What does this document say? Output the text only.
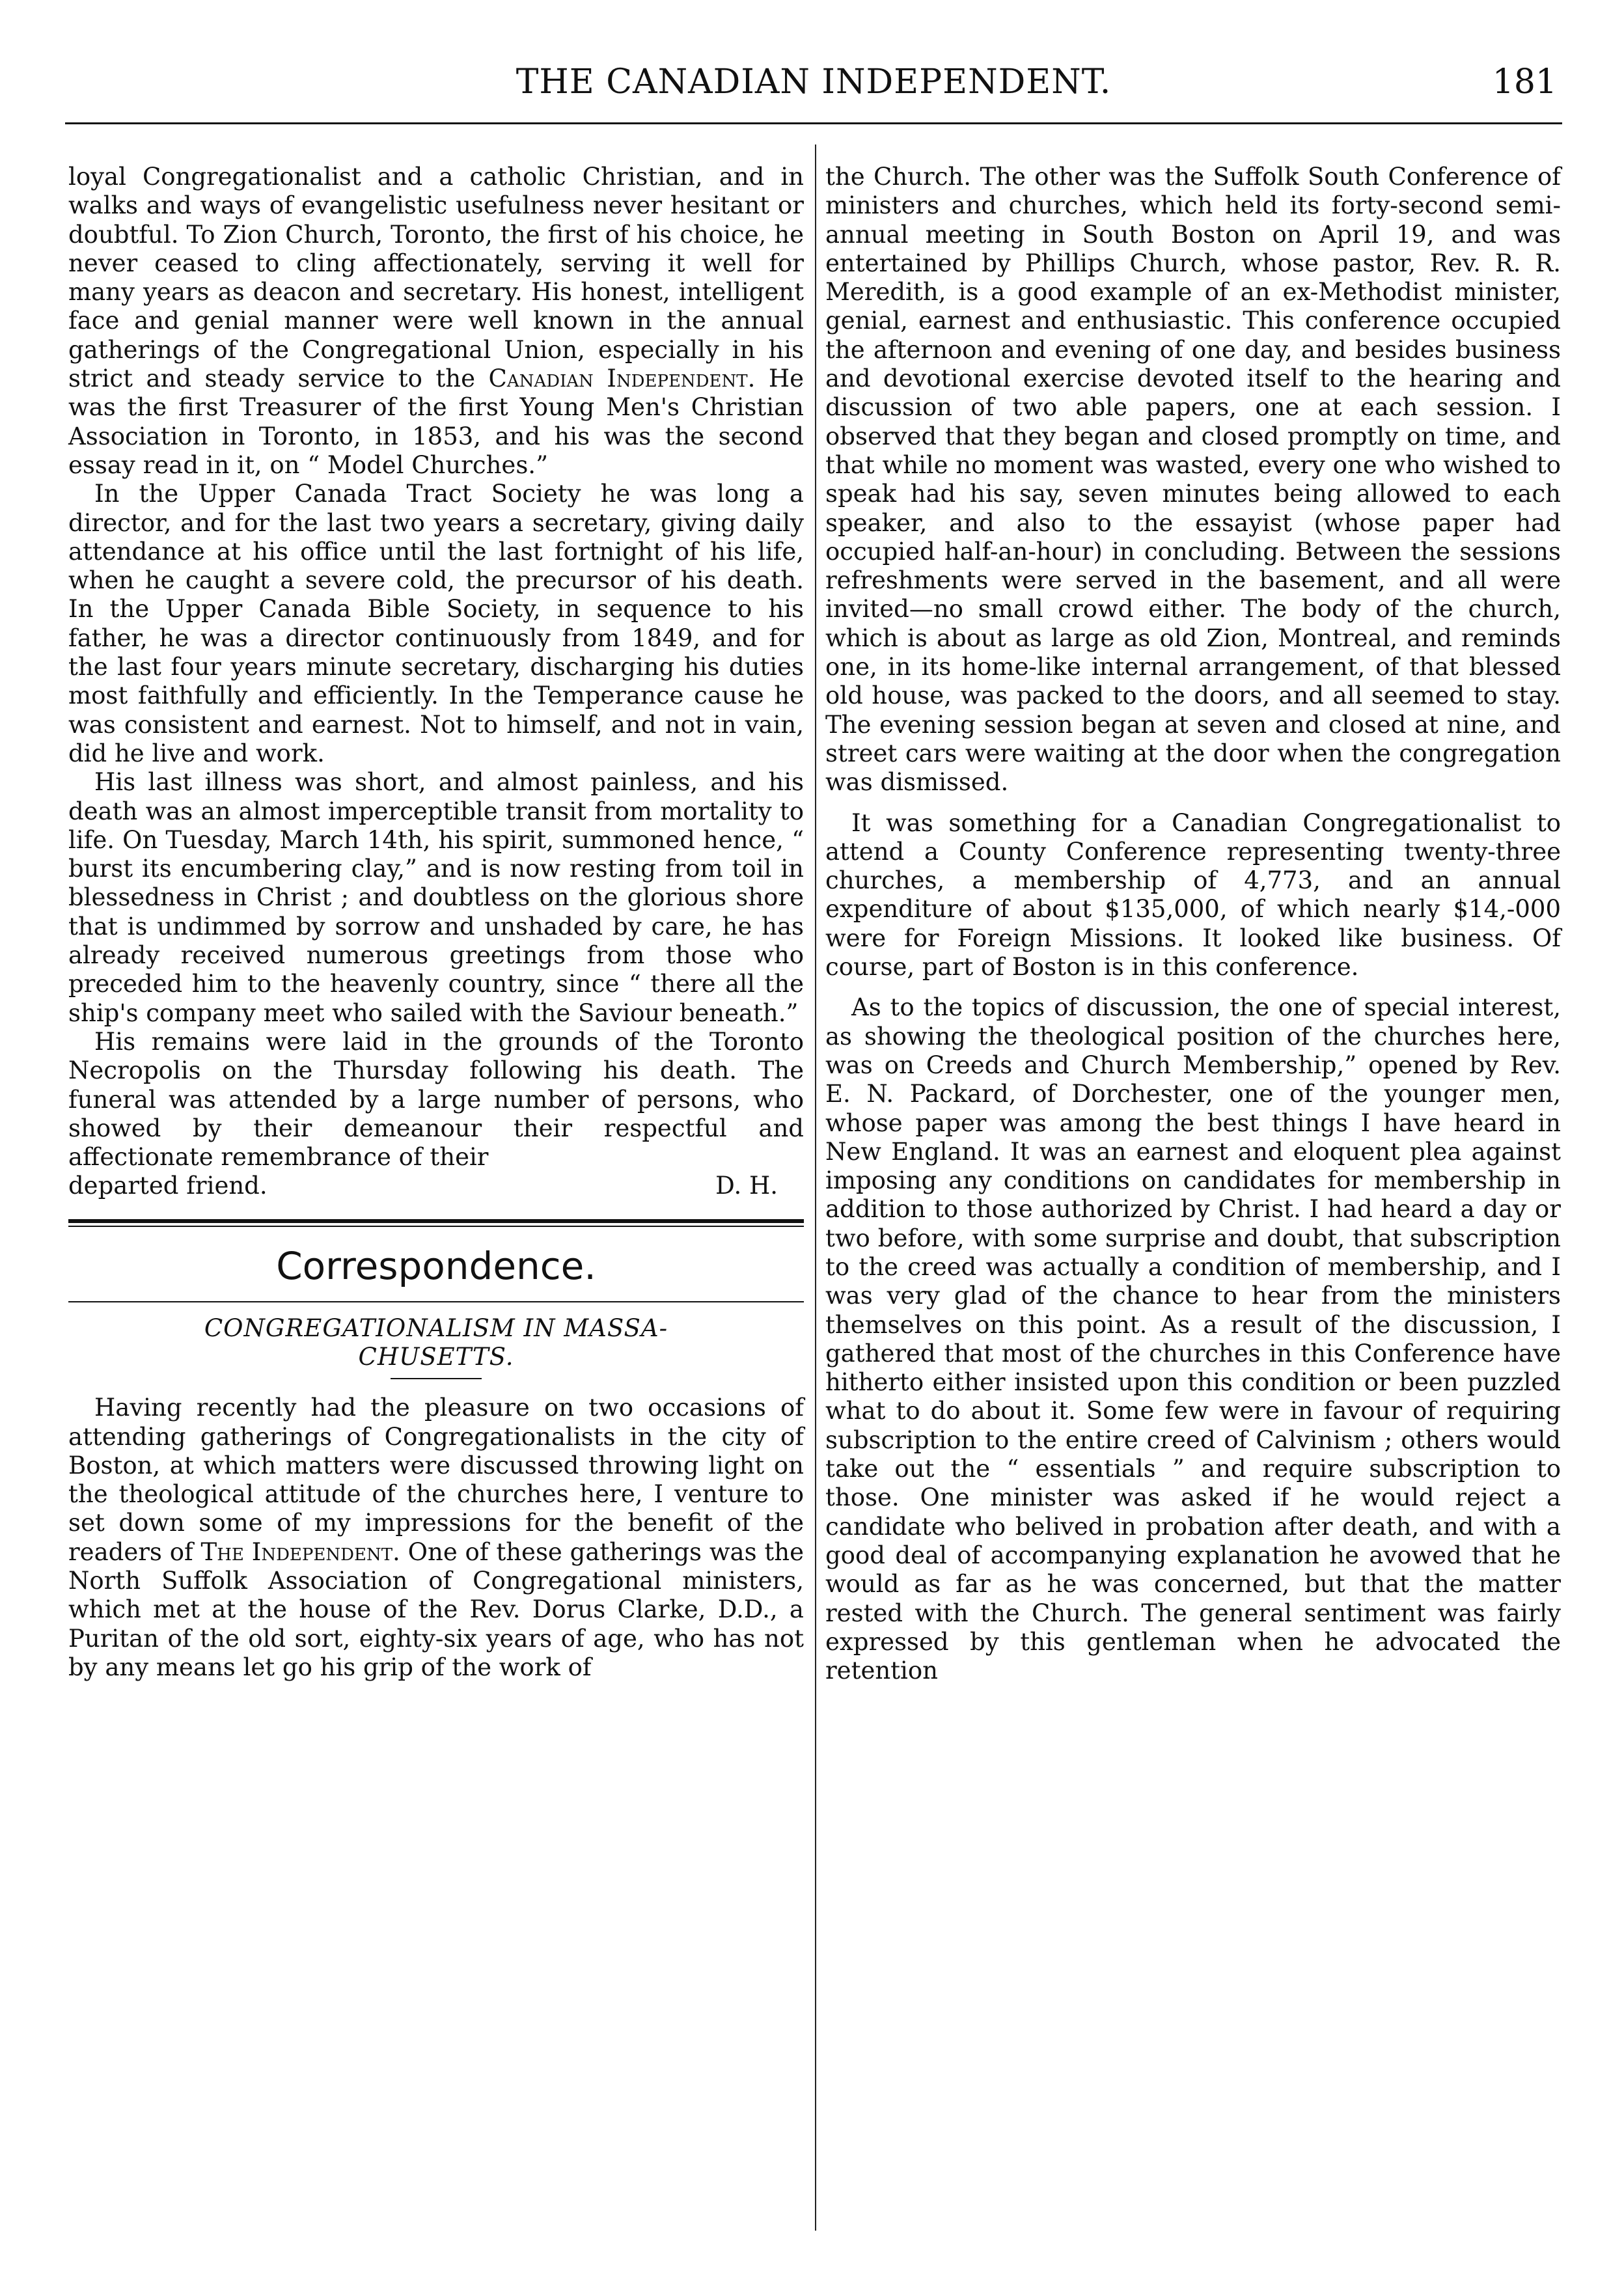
THE CANADIAN INDEPENDENT.	181

loyal Congregationalist and a catholic Christian, and in walks and ways of evangelistic usefulness never hesitant or doubtful. To Zion Church, Toronto, the first of his choice, he never ceased to cling affectionately, serving it well for many years as deacon and secretary. His honest, intelligent face and genial manner were well known in the annual gatherings of the Congregational Union, especially in his strict and steady service to the Canadian Independent. He was the first Treasurer of the first Young Men's Christian Association in Toronto, in 1853, and his was the second essay read in it, on “ Model Churches.”

In the Upper Canada Tract Society he was long a director, and for the last two years a secretary, giving daily attendance at his office until the last fortnight of his life, when he caught a severe cold, the precursor of his death. In the Upper Canada Bible Society, in sequence to his father, he was a director continuously from 1849, and for the last four years minute secretary, discharging his duties most faithfully and efficiently. In the Temperance cause he was consistent and earnest. Not to himself, and not in vain, did he live and work.

His last illness was short, and almost painless, and his death was an almost imperceptible transit from mortality to life. On Tuesday, March 14th, his spirit, summoned hence, “ burst its encumbering clay,” and is now resting from toil in blessedness in Christ ; and doubtless on the glorious shore that is undimmed by sorrow and unshaded by care, he has already received numerous greetings from those who preceded him to the heavenly country, since “ there all the ship's company meet who sailed with the Saviour beneath.”

His remains were laid in the grounds of the Toronto Necropolis on the Thursday following his death. The funeral was attended by a large number of persons, who showed by their demeanour their respectful and affectionate remembrance of their

departed friend.	D. H.
Correspondence.
CONGREGATIONALISM IN MASSA-
CHUSETTS.

Having recently had the pleasure on two occasions of attending gatherings of Congregationalists in the city of Boston, at which matters were discussed throwing light on the theological attitude of the churches here, I venture to set down some of my impressions for the benefit of the readers of The Independent. One of these gatherings was the North Suffolk Association of Congregational ministers, which met at the house of the Rev. Dorus Clarke, D.D., a Puritan of the old sort, eighty-six years of age, who has not by any means let go his grip of the work of

the Church. The other was the Suffolk South Conference of ministers and churches, which held its forty-second semi-annual meeting in South Boston on April 19, and was entertained by Phillips Church, whose pastor, Rev. R. R. Meredith, is a good example of an ex-Methodist minister, genial, earnest and enthusiastic. This conference occupied the afternoon and evening of one day, and besides business and devotional exercise devoted itself to the hearing and discussion of two able papers, one at each session. I observed that they began and closed promptly on time, and that while no moment was wasted, every one who wished to speak had his say, seven minutes being allowed to each speaker, and also to the essayist (whose paper had occupied half-an-hour) in concluding. Between the sessions refreshments were served in the basement, and all were invited—no small crowd either. The body of the church, which is about as large as old Zion, Montreal, and reminds one, in its home-like internal arrangement, of that blessed old house, was packed to the doors, and all seemed to stay. The evening session began at seven and closed at nine, and street cars were waiting at the door when the congregation was dismissed.

It was something for a Canadian Congregationalist to attend a County Conference representing twenty-three churches, a membership of 4,773, and an annual expenditure of about $135,000, of which nearly $14,-000 were for Foreign Missions. It looked like business. Of course, part of Boston is in this conference.

As to the topics of discussion, the one of special interest, as showing the theological position of the churches here, was on Creeds and Church Membership,” opened by Rev. E. N. Packard, of Dorchester, one of the younger men, whose paper was among the best things I have heard in New England. It was an earnest and eloquent plea against imposing any conditions on candidates for membership in addition to those authorized by Christ. I had heard a day or two before, with some surprise and doubt, that subscription to the creed was actually a condition of membership, and I was very glad of the chance to hear from the ministers themselves on this point. As a result of the discussion, I gathered that most of the churches in this Conference have hitherto either insisted upon this condition or been puzzled what to do about it. Some few were in favour of requiring subscription to the entire creed of Calvinism ; others would take out the “ essentials ” and require subscription to those. One minister was asked if he would reject a candidate who belived in probation after death, and with a good deal of accompanying explanation he avowed that he would as far as he was concerned, but that the matter rested with the Church. The general sentiment was fairly expressed by this gentleman when he advocated the retention
